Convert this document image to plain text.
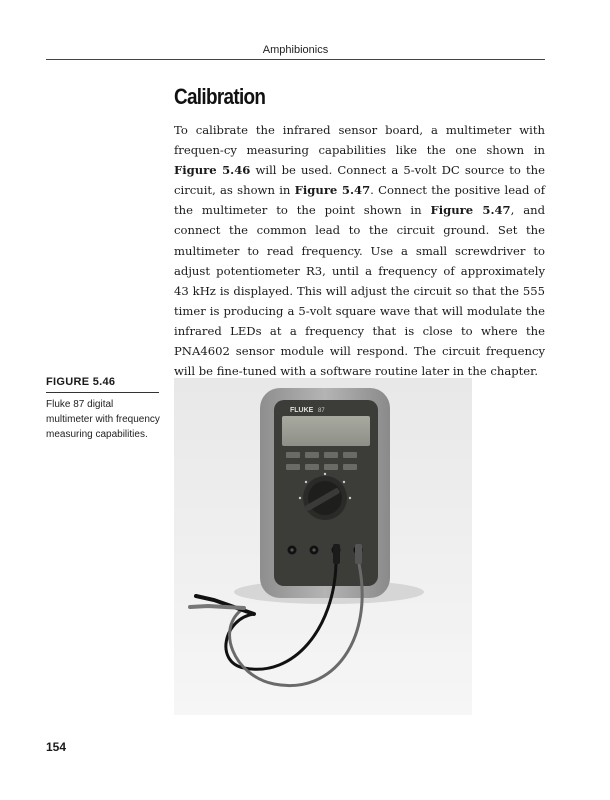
Amphibionics
Calibration

To calibrate the infrared sensor board, a multimeter with frequen-cy measuring capabilities like the one shown in Figure 5.46 will be used. Connect a 5-volt DC source to the circuit, as shown in Figure 5.47. Connect the positive lead of the multimeter to the point shown in Figure 5.47, and connect the common lead to the circuit ground. Set the multimeter to read frequency. Use a small screwdriver to adjust potentiometer R3, until a frequency of approximately 43 kHz is displayed. This will adjust the circuit so that the 555 timer is producing a 5-volt square wave that will modulate the infrared LEDs at a frequency that is close to where the PNA4602 sensor module will respond. The circuit frequency will be fine-tuned with a software routine later in the chapter.

FIGURE 5.46
Fluke 87 digital multimeter with frequency measuring capabilities.
FLUKE 87
154
